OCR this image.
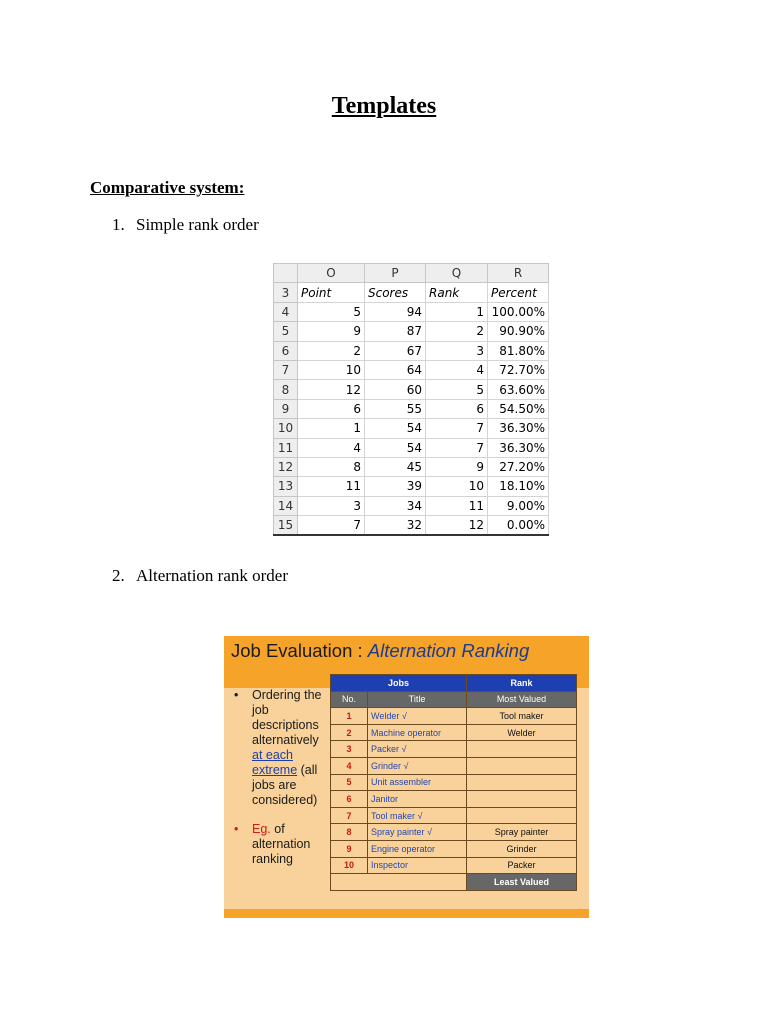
Templates
Comparative system:
1. Simple rank order
	O	P	Q	R
3	Point	Scores	Rank	Percent
4	5	94	1	100.00%
5	9	87	2	90.90%
6	2	67	3	81.80%
7	10	64	4	72.70%
8	12	60	5	63.60%
9	6	55	6	54.50%
10	1	54	7	36.30%
11	4	54	7	36.30%
12	8	45	9	27.20%
13	11	39	10	18.10%
14	3	34	11	9.00%
15	7	32	12	0.00%
2. Alternation rank order
Job Evaluation : Alternation Ranking
• Ordering the job descriptions alternatively at each extreme (all jobs are considered)
• Eg. of alternation ranking
Jobs		Rank
No.	Title	Most Valued
1	Welder √	Tool maker
2	Machine operator	Welder
3	Packer √	
4	Grinder √	
5	Unit assembler	
6	Janitor	
7	Tool maker √	
8	Spray painter √	Spray painter
9	Engine operator	Grinder
10	Inspector	Packer
		Least Valued
